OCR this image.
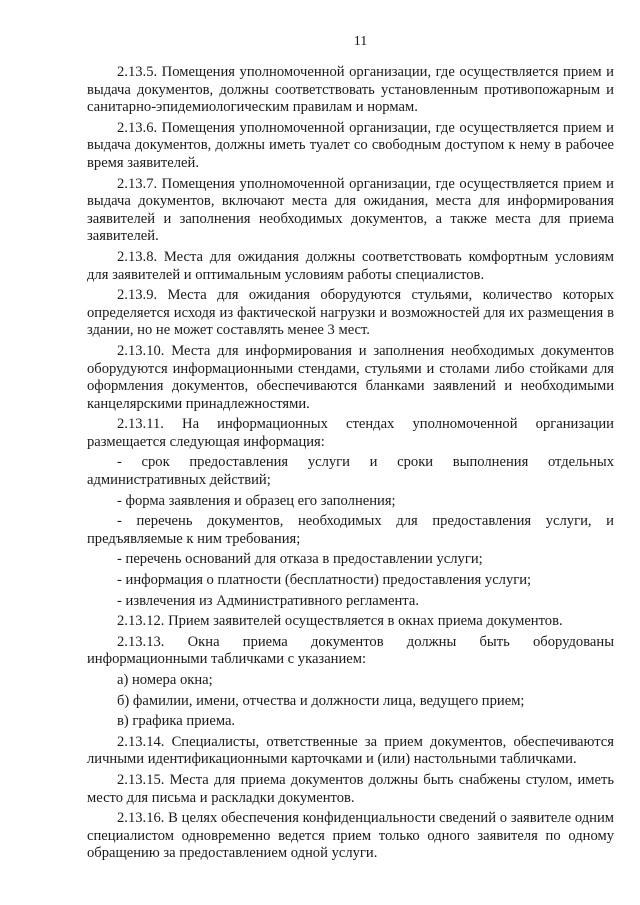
11

2.13.5. Помещения уполномоченной организации, где осуществляется прием и выдача документов, должны соответствовать установленным противопожарным и санитарно-эпидемиологическим правилам и нормам.

2.13.6. Помещения уполномоченной организации, где осуществляется прием и выдача документов, должны иметь туалет со свободным доступом к нему в рабочее время заявителей.

2.13.7. Помещения уполномоченной организации, где осуществляется прием и выдача документов, включают места для ожидания, места для информирования заявителей и заполнения необходимых документов, а также места для приема заявителей.

2.13.8. Места для ожидания должны соответствовать комфортным условиям для заявителей и оптимальным условиям работы специалистов.

2.13.9. Места для ожидания оборудуются стульями, количество которых определяется исходя из фактической нагрузки и возможностей для их размещения в здании, но не может составлять менее 3 мест.

2.13.10. Места для информирования и заполнения необходимых документов оборудуются информационными стендами, стульями и столами либо стойками для оформления документов, обеспечиваются бланками заявлений и необходимыми канцелярскими принадлежностями.

2.13.11. На информационных стендах уполномоченной организации размещается следующая информация:

- срок предоставления услуги и сроки выполнения отдельных административных действий;

- форма заявления и образец его заполнения;

- перечень документов, необходимых для предоставления услуги, и предъявляемые к ним требования;

- перечень оснований для отказа в предоставлении услуги;

- информация о платности (бесплатности) предоставления услуги;

- извлечения из Административного регламента.

2.13.12. Прием заявителей осуществляется в окнах приема документов.

2.13.13. Окна приема документов должны быть оборудованы информационными табличками с указанием:

а) номера окна;

б) фамилии, имени, отчества и должности лица, ведущего прием;

в) графика приема.

2.13.14. Специалисты, ответственные за прием документов, обеспечиваются личными идентификационными карточками и (или) настольными табличками.

2.13.15. Места для приема документов должны быть снабжены стулом, иметь место для письма и раскладки документов.

2.13.16. В целях обеспечения конфиденциальности сведений о заявителе одним специалистом одновременно ведется прием только одного заявителя по одному обращению за предоставлением одной услуги.
